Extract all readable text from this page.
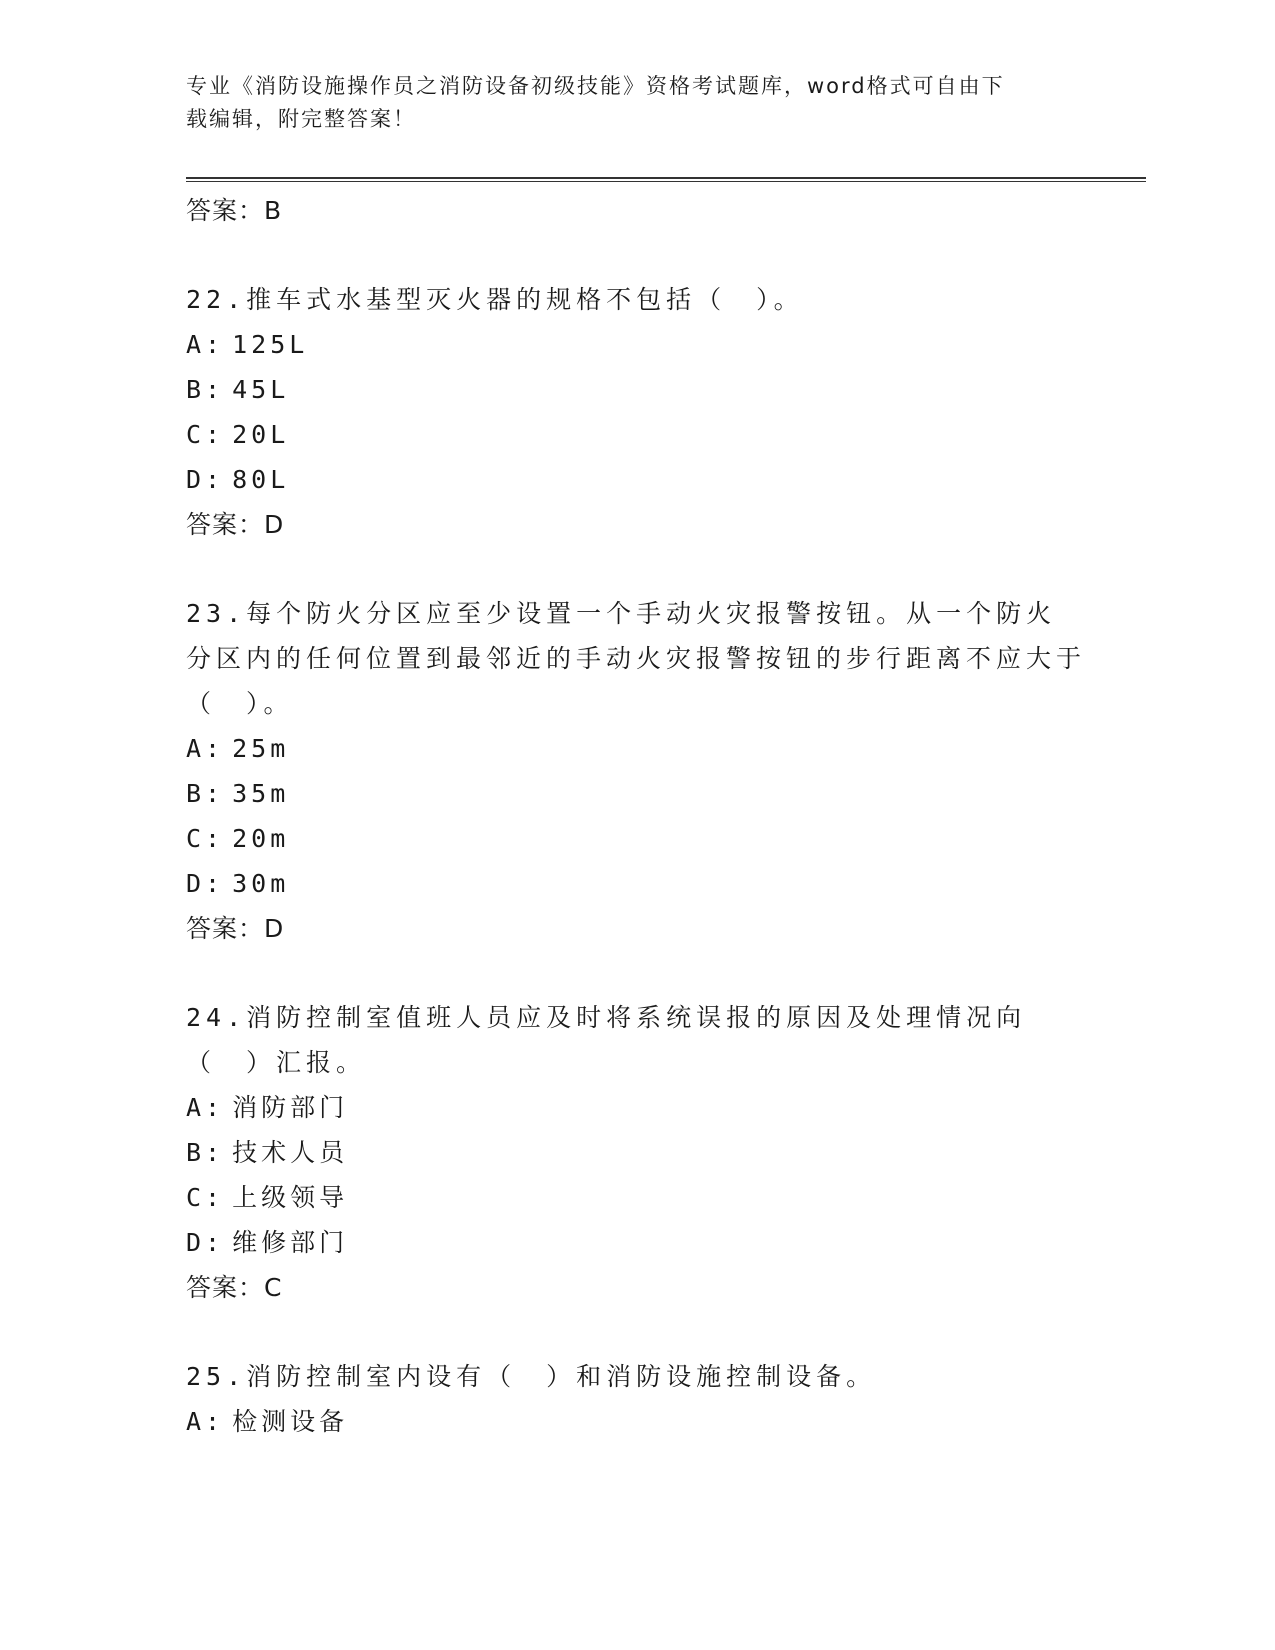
专业《消防设施操作员之消防设备初级技能》资格考试题库，word格式可自由下
载编辑，附完整答案！
答案：B
22.推车式水基型灭火器的规格不包括（　）。
A: 125L
B: 45L
C: 20L
D: 80L
答案：D
23.每个防火分区应至少设置一个手动火灾报警按钮。从一个防火分区内的任何位置到最邻近的手动火灾报警按钮的步行距离不应大于（　）。
A: 25m
B: 35m
C: 20m
D: 30m
答案：D
24.消防控制室值班人员应及时将系统误报的原因及处理情况向（　）汇报。
A: 消防部门
B: 技术人员
C: 上级领导
D: 维修部门
答案：C
25.消防控制室内设有（　）和消防设施控制设备。
A: 检测设备
